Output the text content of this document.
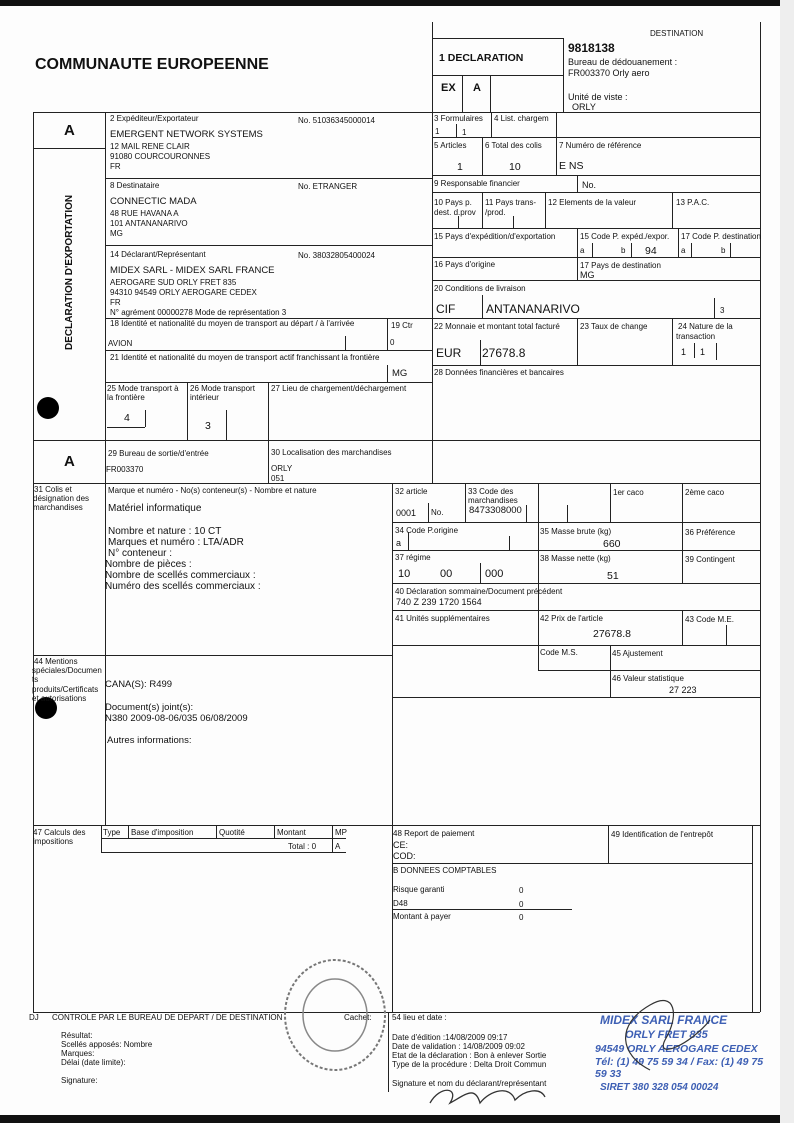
COMMUNAUTE EUROPEENNE	1 DECLARATION
EX A
DESTINATION
9818138
Bureau de dédouanement :
FR003370 Orly aero
Unité de viste :
ORLY
A
DECLARATION D'EXPORTATION
2 Expéditeur/Exportateur	No. 51036345000014
EMERGENT NETWORK SYSTEMS
12 MAIL RENE CLAIR
91080 COURCOURONNES
FR
8 Destinataire	No. ETRANGER
CONNECTIC MADA
48 RUE HAVANA A
101 ANTANANARIVO
MG
14 Déclarant/Représentant	No. 38032805400024
MIDEX SARL - MIDEX SARL FRANCE
AEROGARE SUD ORLY FRET 835
94310 94549 ORLY AEROGARE CEDEX
FR
N° agrément 00000278 Mode de représentation 3
18 Identité et nationalité du moyen de transport au départ / à l'arrivée
AVION
19 Ctr
0
21 Identité et nationalité du moyen de transport actif franchissant la frontière
MG
25 Mode transport à
la frontière
4
26 Mode transport
intérieur
3
27 Lieu de chargement/déchargement
3 Formulaires
1	1
4 List. chargem
5 Articles
1
6 Total des colis
10
7 Numéro de référence
E NS
9 Responsable financier	No.
10 Pays p.
dest. d.prov
11 Pays trans-
/prod.
12 Elements de la valeur	13 P.A.C.
15 Pays d'expédition/d'exportation	15 Code P. expéd./expor.
a	b 94
17 Code P. destination
a	b
16 Pays d'origine	17 Pays de destination
MG
20 Conditions de livraison
CIF	ANTANANARIVO	3
22 Monnaie et montant total facturé
EUR 27678.8
23 Taux de change	24 Nature de la
transaction
1 1
28 Données financières et bancaires
A	29 Bureau de sortie/d'entrée
FR003370
30 Localisation des marchandises
ORLY
051
31 Colis et
désignation des
marchandises
Marque et numéro - No(s) conteneur(s) - Nombre et nature
Matériel informatique
Nombre et nature : 10 CT
Marques et numéro : LTA/ADR
N° conteneur :
Nombre de pièces :
Nombre de scellés commerciaux :
Numéro des scellés commerciaux :
32 article
0001 No.
33 Code des
marchandises
8473308000
1er caco	2ème caco
34 Code P.origine
a
35 Masse brute (kg)
660
36 Préférence
37 régime
10	00	000
38 Masse nette (kg)
51
39 Contingent
40 Déclaration sommaine/Document précédent
740 Z 239 1720 1564
41 Unités supplémentaires	42 Prix de l'article
27678.8
43 Code M.E.
Code M.S.	45 Ajustement
46 Valeur statistique
27 223
44 Mentions
spéciales/Documen
ts
produits/Certificats
et autorisations
CANA(S): R499
Document(s) joint(s):
N380 2009-08-06/035 06/08/2009
Autres informations:
47 Calculs des
impositions
Type Base d'imposition	Quotité	Montant	MP
Total : 0 A
48 Report de paiement
CE:
COD:
49 Identification de l'entrepôt
B DONNEES COMPTABLES
Risque garanti	0
D48	0
Montant à payer	0
DJ CONTROLE PAR LE BUREAU DE DEPART / DE DESTINATION	Cachet:
Résultat:
Scellés apposés: Nombre
Marques:
Délai (date limite):
Signature:
54 lieu et date :
Date d'édition :14/08/2009 09:17
Date de validation : 14/08/2009 09:02
Etat de la déclaration : Bon à enlever Sortie
Type de la procédure : Delta Droit Commun
Signature et nom du déclarant/représentant
MIDEX SARL FRANCE
ORLY FRET 835
94549 ORLY AEROGARE CEDEX
Tél: (1) 49 75 59 34 / Fax: (1) 49 75 59 33
SIRET 380 328 054 00024
